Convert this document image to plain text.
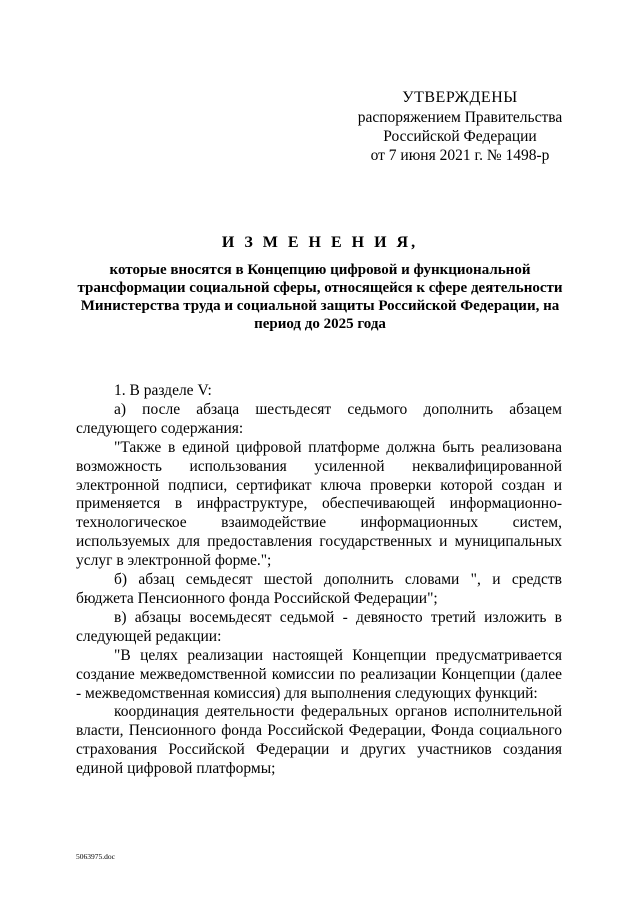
УТВЕРЖДЕНЫ
распоряжением Правительства
Российской Федерации
от 7 июня 2021 г. № 1498-р
И З М Е Н Е Н И Я,
которые вносятся в Концепцию цифровой и функциональной трансформации социальной сферы, относящейся к сфере деятельности Министерства труда и социальной защиты Российской Федерации, на период до 2025 года

1. В разделе V:

а) после абзаца шестьдесят седьмого дополнить абзацем следующего содержания:

"Также в единой цифровой платформе должна быть реализована возможность использования усиленной неквалифицированной электронной подписи, сертификат ключа проверки которой создан и применяется в инфраструктуре, обеспечивающей информационно-технологическое взаимодействие информационных систем, используемых для предоставления государственных и муниципальных услуг в электронной форме.";

б) абзац семьдесят шестой дополнить словами ", и средств бюджета Пенсионного фонда Российской Федерации";

в) абзацы восемьдесят седьмой - девяносто третий изложить в следующей редакции:

"В целях реализации настоящей Концепции предусматривается создание межведомственной комиссии по реализации Концепции (далее - межведомственная комиссия) для выполнения следующих функций:

координация деятельности федеральных органов исполнительной власти, Пенсионного фонда Российской Федерации, Фонда социального страхования Российской Федерации и других участников создания единой цифровой платформы;

5063975.doc
